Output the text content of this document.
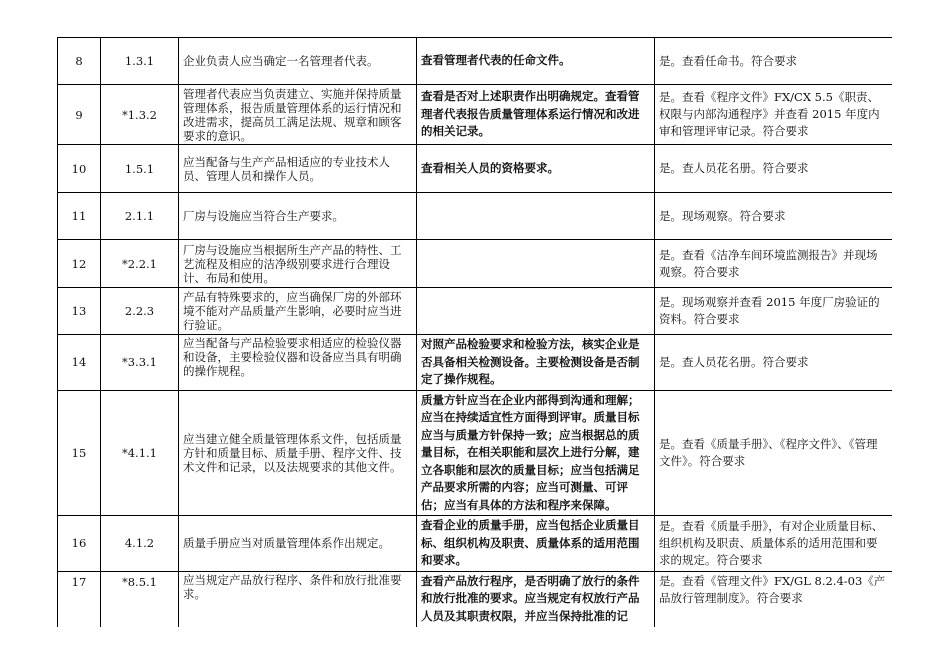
8	1.3.1	企业负责人应当确定一名管理者代表。	查看管理者代表的任命文件。	是。查看任命书。符合要求
9	*1.3.2	管理者代表应当负责建立、实施并保持质量管理体系，报告质量管理体系的运行情况和改进需求，提高员工满足法规、规章和顾客要求的意识。	查看是否对上述职责作出明确规定。查看管理者代表报告质量管理体系运行情况和改进的相关记录。	是。查看《程序文件》FX/CX 5.5《职责、权限与内部沟通程序》并查看 2015 年度内审和管理评审记录。符合要求
10	1.5.1	应当配备与生产产品相适应的专业技术人员、管理人员和操作人员。	查看相关人员的资格要求。	是。查人员花名册。符合要求
11	2.1.1	厂房与设施应当符合生产要求。		是。现场观察。符合要求
12	*2.2.1	厂房与设施应当根据所生产产品的特性、工艺流程及相应的洁净级别要求进行合理设计、布局和使用。		是。查看《洁净车间环境监测报告》并现场观察。符合要求
13	2.2.3	产品有特殊要求的，应当确保厂房的外部环境不能对产品质量产生影响，必要时应当进行验证。		是。现场观察并查看 2015 年度厂房验证的资料。符合要求
14	*3.3.1	应当配备与产品检验要求相适应的检验仪器和设备，主要检验仪器和设备应当具有明确的操作规程。	对照产品检验要求和检验方法，核实企业是否具备相关检测设备。主要检测设备是否制定了操作规程。	是。查人员花名册。符合要求
15	*4.1.1	应当建立健全质量管理体系文件，包括质量方针和质量目标、质量手册、程序文件、技术文件和记录，以及法规要求的其他文件。	质量方针应当在企业内部得到沟通和理解；应当在持续适宜性方面得到评审。质量目标应当与质量方针保持一致；应当根据总的质量目标，在相关职能和层次上进行分解，建立各职能和层次的质量目标；应当包括满足产品要求所需的内容；应当可测量、可评估；应当有具体的方法和程序来保障。	是。查看《质量手册》、《程序文件》、《管理文件》。符合要求
16	4.1.2	质量手册应当对质量管理体系作出规定。	查看企业的质量手册，应当包括企业质量目标、组织机构及职责、质量体系的适用范围和要求。	是。查看《质量手册》，有对企业质量目标、组织机构及职责、质量体系的适用范围和要求的规定。符合要求
17	*8.5.1	应当规定产品放行程序、条件和放行批准要求。	查看产品放行程序，是否明确了放行的条件和放行批准的要求。应当规定有权放行产品人员及其职责权限，并应当保持批准的记	是。查看《管理文件》FX/GL 8.2.4-03《产品放行管理制度》。符合要求
